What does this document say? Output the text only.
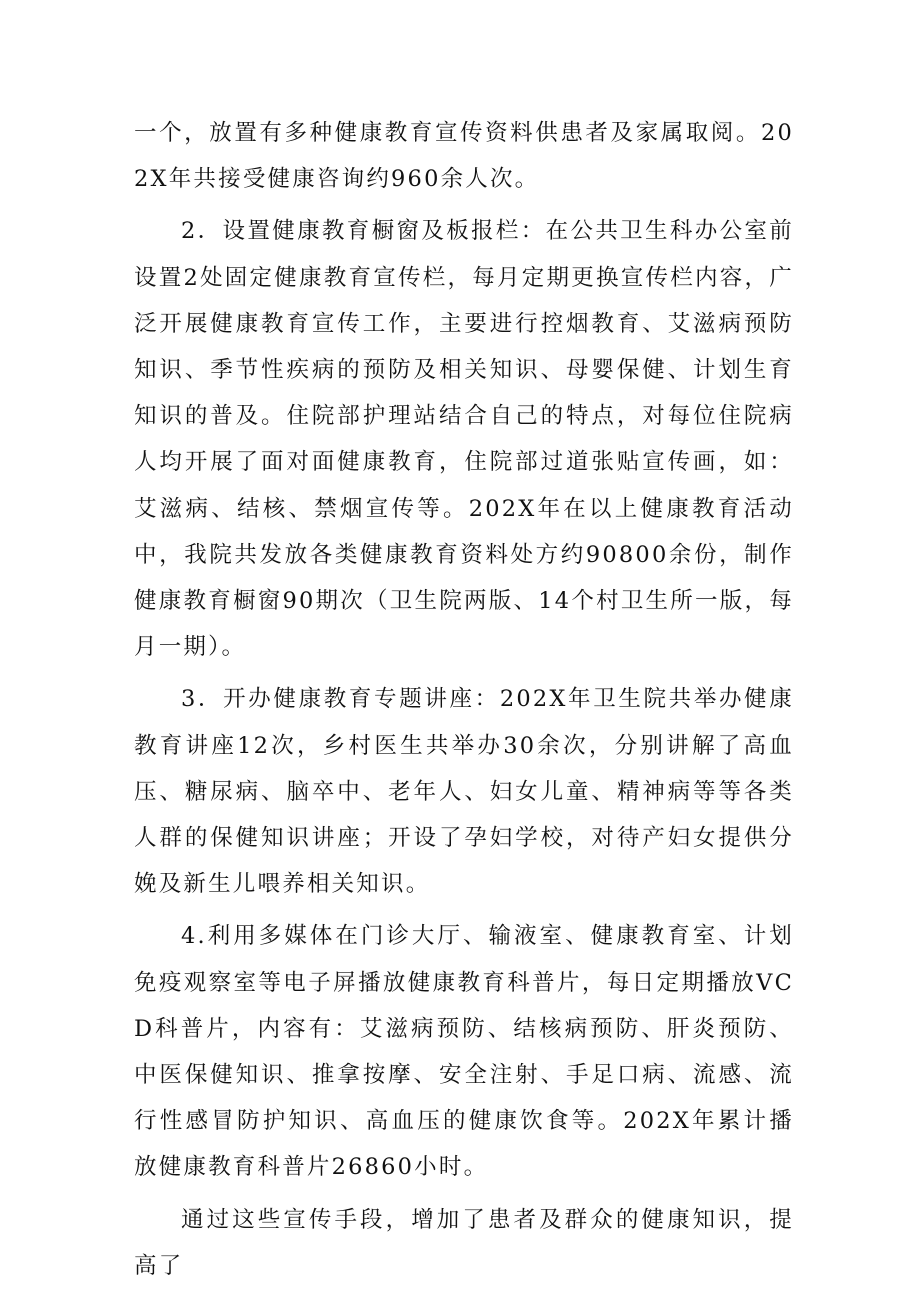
一个，放置有多种健康教育宣传资料供患者及家属取阅。202X年共接受健康咨询约960余人次。

2．设置健康教育橱窗及板报栏：在公共卫生科办公室前设置2处固定健康教育宣传栏，每月定期更换宣传栏内容，广泛开展健康教育宣传工作，主要进行控烟教育、艾滋病预防知识、季节性疾病的预防及相关知识、母婴保健、计划生育知识的普及。住院部护理站结合自己的特点，对每位住院病人均开展了面对面健康教育，住院部过道张贴宣传画，如：艾滋病、结核、禁烟宣传等。202X年在以上健康教育活动中，我院共发放各类健康教育资料处方约90800余份，制作健康教育橱窗90期次（卫生院两版、14个村卫生所一版，每月一期）。

3．开办健康教育专题讲座：202X年卫生院共举办健康教育讲座12次，乡村医生共举办30余次，分别讲解了高血压、糖尿病、脑卒中、老年人、妇女儿童、精神病等等各类人群的保健知识讲座；开设了孕妇学校，对待产妇女提供分娩及新生儿喂养相关知识。

4.利用多媒体在门诊大厅、输液室、健康教育室、计划免疫观察室等电子屏播放健康教育科普片，每日定期播放VCD科普片，内容有：艾滋病预防、结核病预防、肝炎预防、中医保健知识、推拿按摩、安全注射、手足口病、流感、流行性感冒防护知识、高血压的健康饮食等。202X年累计播放健康教育科普片26860小时。

通过这些宣传手段，增加了患者及群众的健康知识，提高了
